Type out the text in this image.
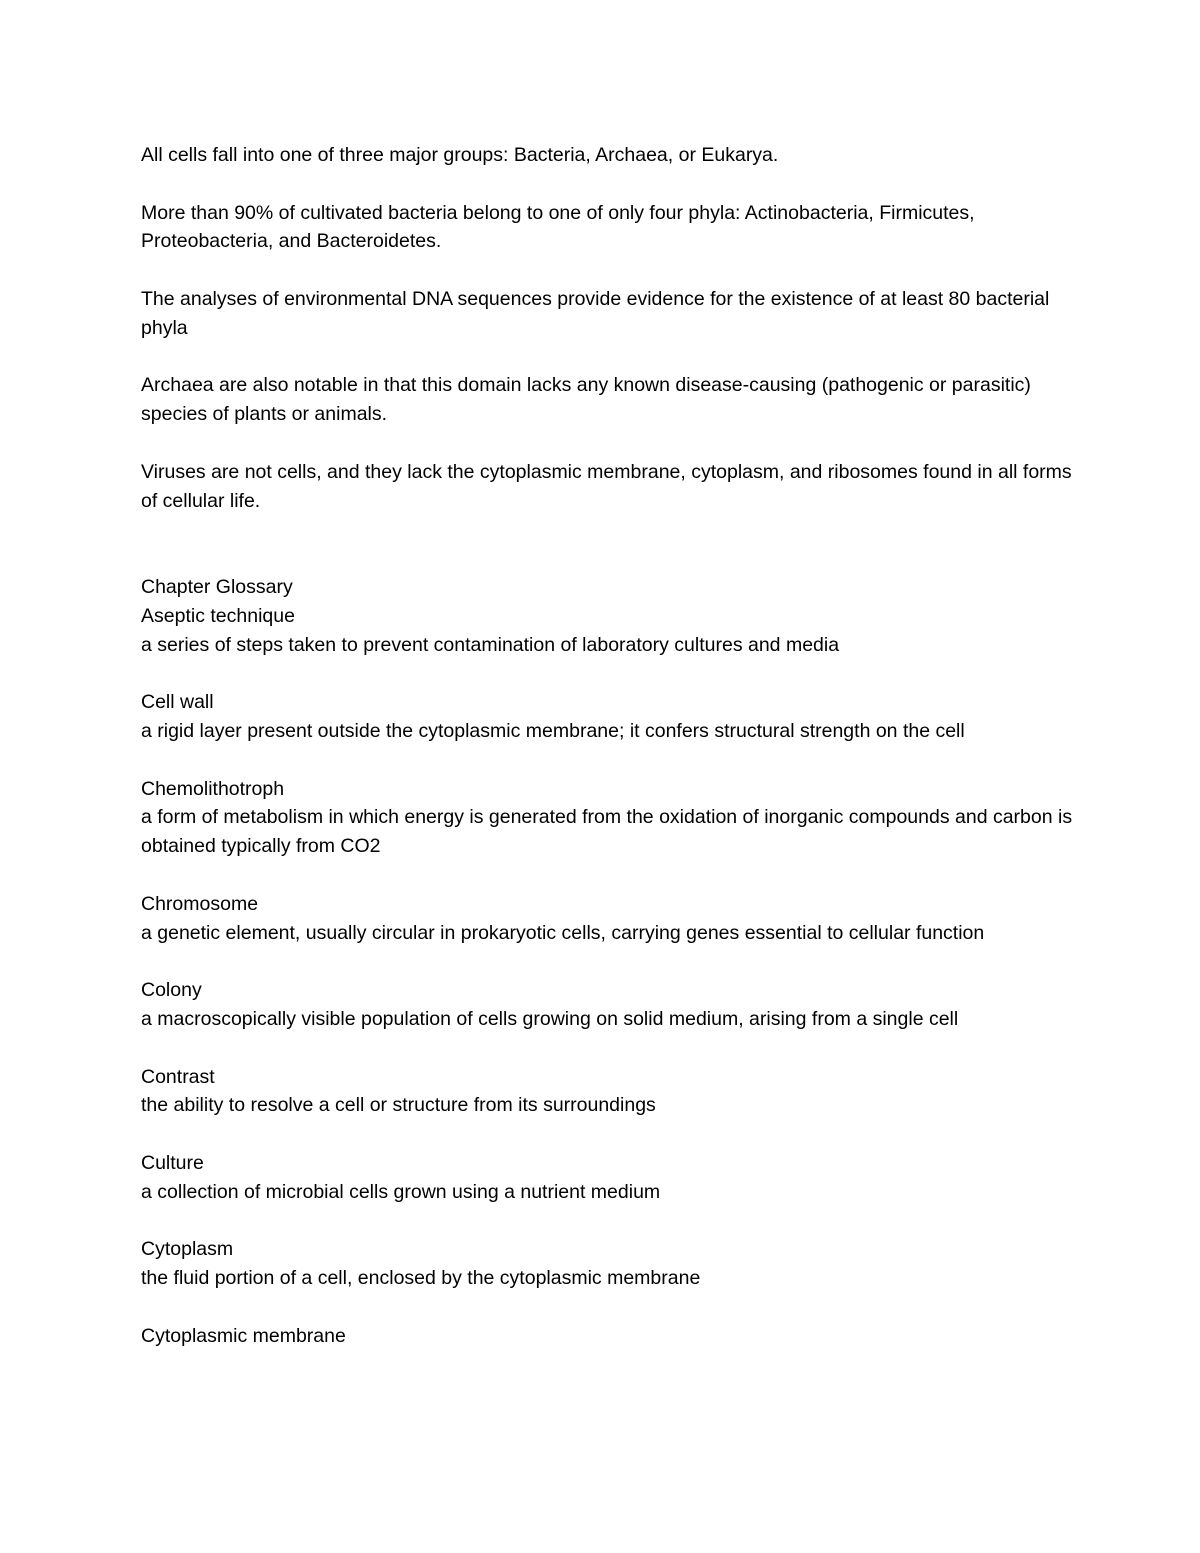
All cells fall into one of three major groups: Bacteria, Archaea, or Eukarya.

More than 90% of cultivated bacteria belong to one of only four phyla: Actinobacteria, Firmicutes, Proteobacteria, and Bacteroidetes.

The analyses of environmental DNA sequences provide evidence for the existence of at least 80 bacterial phyla

Archaea are also notable in that this domain lacks any known disease-causing (pathogenic or parasitic) species of plants or animals.

Viruses are not cells, and they lack the cytoplasmic membrane, cytoplasm, and ribosomes found in all forms of cellular life.

Chapter Glossary
Aseptic technique
a series of steps taken to prevent contamination of laboratory cultures and media
Cell wall
a rigid layer present outside the cytoplasmic membrane; it confers structural strength on the cell
Chemolithotroph
a form of metabolism in which energy is generated from the oxidation of inorganic compounds and carbon is obtained typically from CO2
Chromosome
a genetic element, usually circular in prokaryotic cells, carrying genes essential to cellular function
Colony
a macroscopically visible population of cells growing on solid medium, arising from a single cell
Contrast
the ability to resolve a cell or structure from its surroundings
Culture
a collection of microbial cells grown using a nutrient medium
Cytoplasm
the fluid portion of a cell, enclosed by the cytoplasmic membrane
Cytoplasmic membrane
